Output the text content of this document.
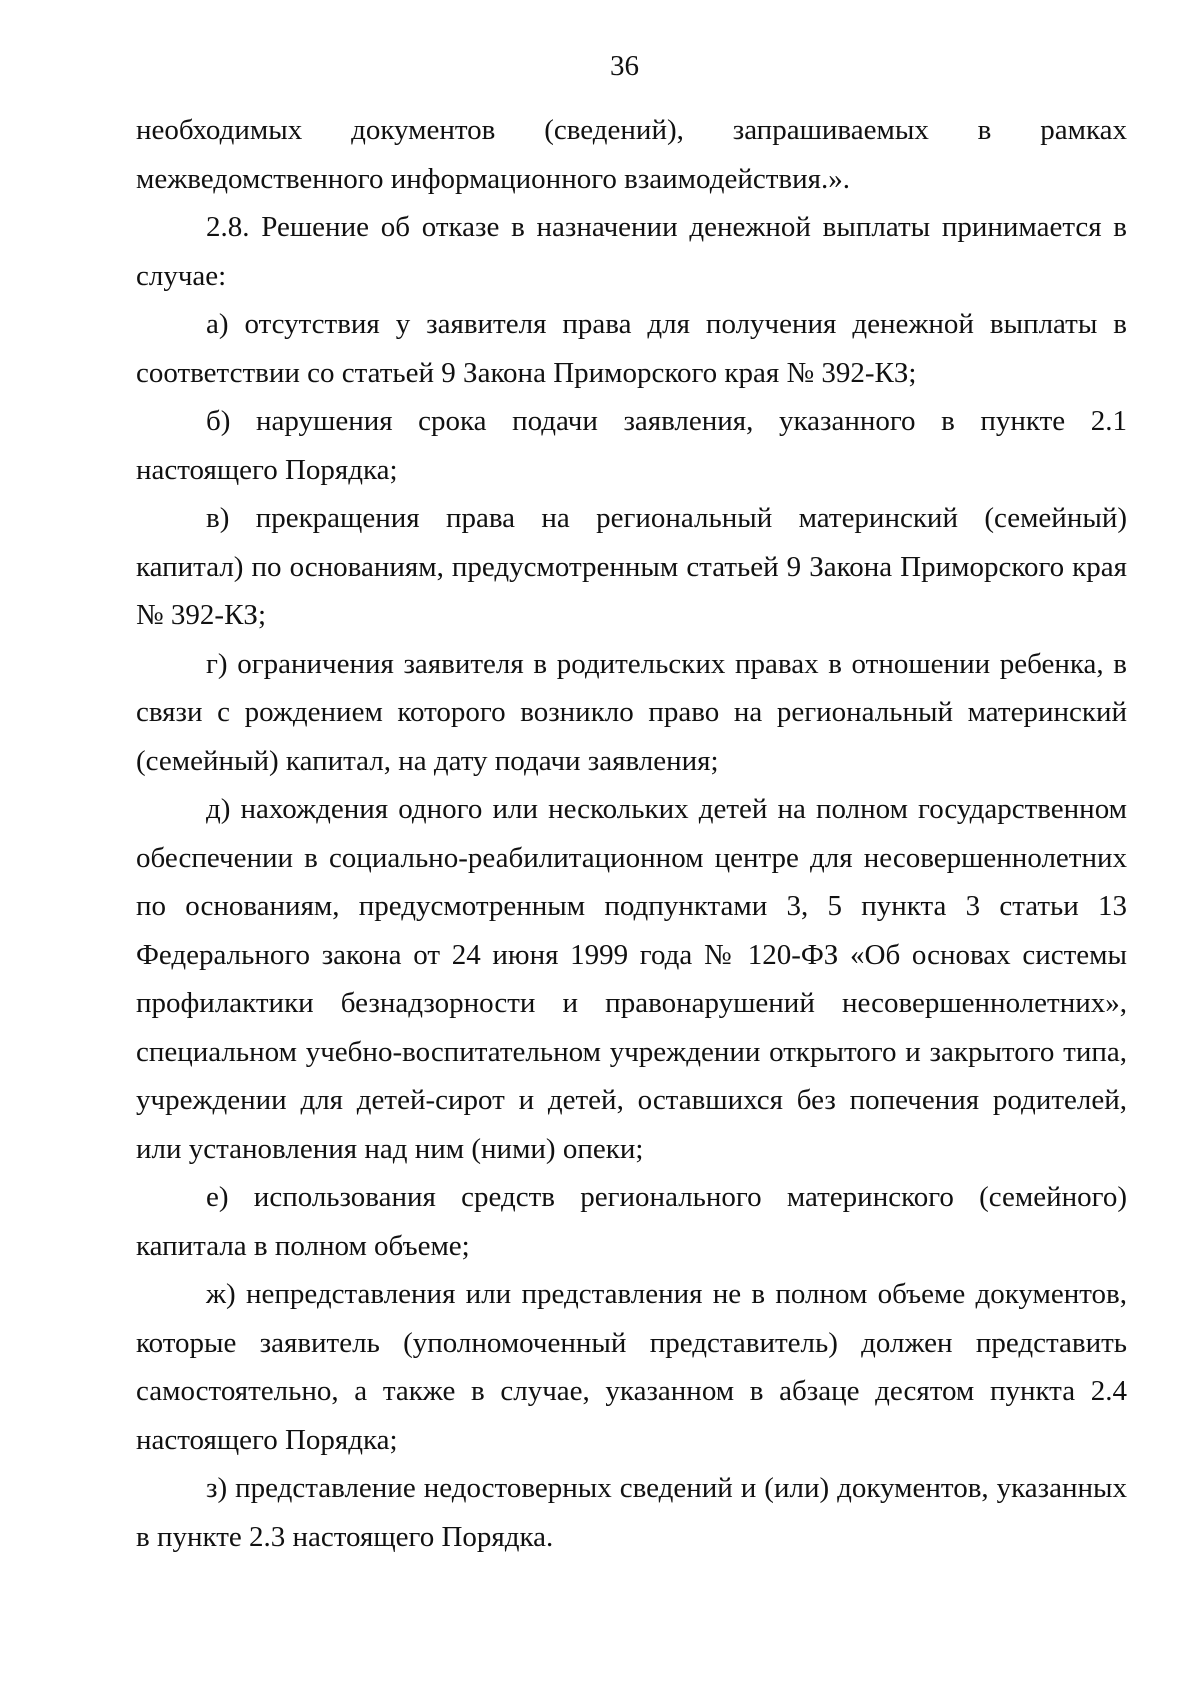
36

необходимых документов (сведений), запрашиваемых в рамках межведомственного информационного взаимодействия.».

2.8. Решение об отказе в назначении денежной выплаты принимается в случае:

а) отсутствия у заявителя права для получения денежной выплаты в соответствии со статьей 9 Закона Приморского края № 392-КЗ;

б) нарушения срока подачи заявления, указанного в пункте 2.1 настоящего Порядка;

в) прекращения права на региональный материнский (семейный) капитал) по основаниям, предусмотренным статьей 9 Закона Приморского края № 392-КЗ;

г) ограничения заявителя в родительских правах в отношении ребенка, в связи с рождением которого возникло право на региональный материнский (семейный) капитал, на дату подачи заявления;

д) нахождения одного или нескольких детей на полном государственном обеспечении в социально-реабилитационном центре для несовершеннолетних по основаниям, предусмотренным подпунктами 3, 5 пункта 3 статьи 13 Федерального закона от 24 июня 1999 года № 120-ФЗ «Об основах системы профилактики безнадзорности и правонарушений несовершеннолетних», специальном учебно-воспитательном учреждении открытого и закрытого типа, учреждении для детей-сирот и детей, оставшихся без попечения родителей, или установления над ним (ними) опеки;

е) использования средств регионального материнского (семейного) капитала в полном объеме;

ж) непредставления или представления не в полном объеме документов, которые заявитель (уполномоченный представитель) должен представить самостоятельно, а также в случае, указанном в абзаце десятом пункта 2.4 настоящего Порядка;

з) представление недостоверных сведений и (или) документов, указанных в пункте 2.3 настоящего Порядка.
